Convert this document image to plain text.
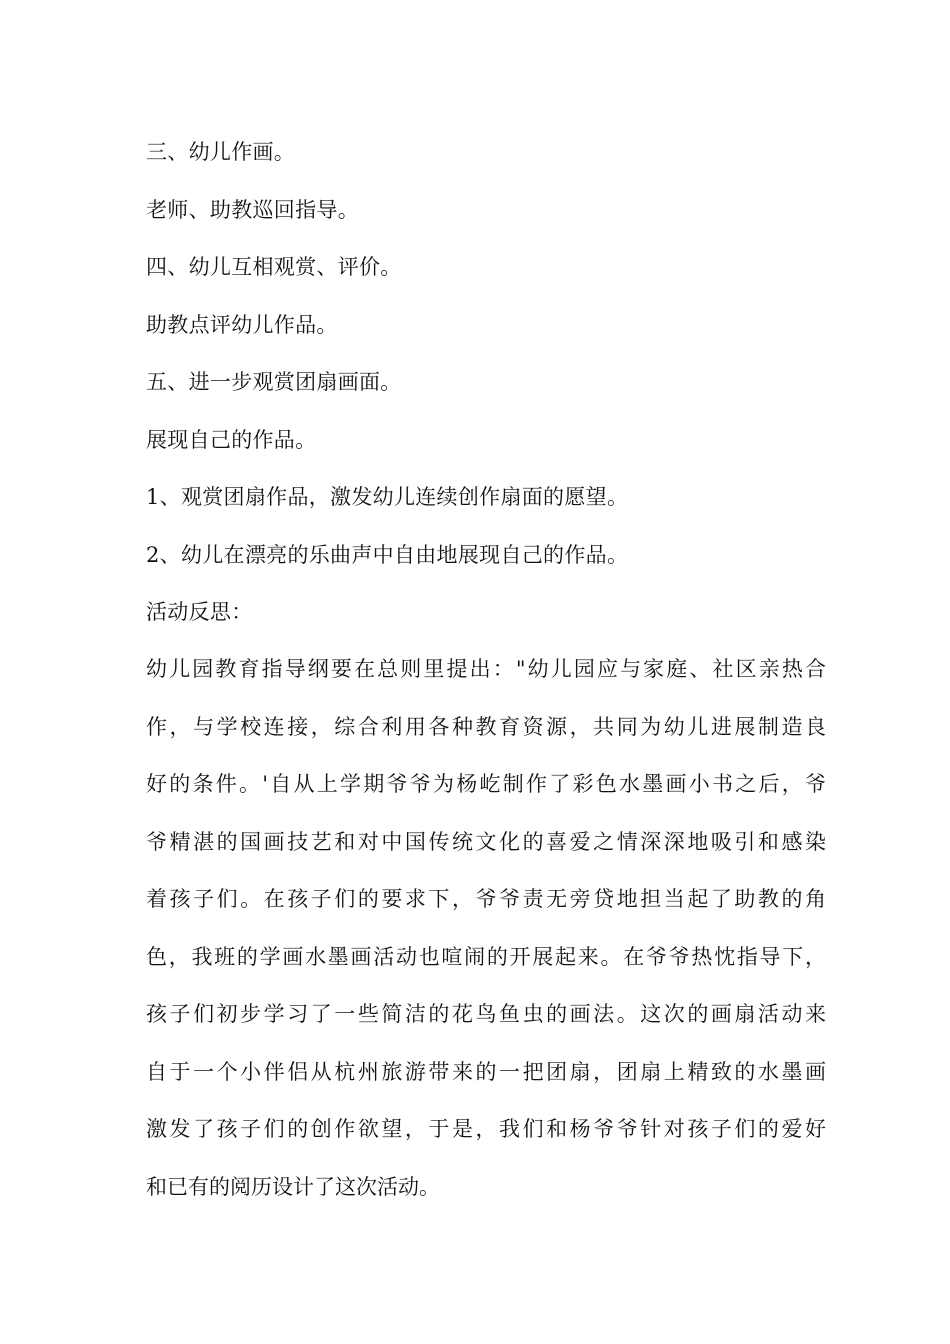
三、幼儿作画。
老师、助教巡回指导。
四、幼儿互相观赏、评价。
助教点评幼儿作品。
五、进一步观赏团扇画面。
展现自己的作品。
1、观赏团扇作品，激发幼儿连续创作扇面的愿望。
2、幼儿在漂亮的乐曲声中自由地展现自己的作品。
活动反思：
幼儿园教育指导纲要在总则里提出："幼儿园应与家庭、社区亲热合
作，与学校连接，综合利用各种教育资源，共同为幼儿进展制造良
好的条件。'自从上学期爷爷为杨屹制作了彩色水墨画小书之后，爷
爷精湛的国画技艺和对中国传统文化的喜爱之情深深地吸引和感染
着孩子们。在孩子们的要求下，爷爷责无旁贷地担当起了助教的角
色，我班的学画水墨画活动也喧闹的开展起来。在爷爷热忱指导下，
孩子们初步学习了一些简洁的花鸟鱼虫的画法。这次的画扇活动来
自于一个小伴侣从杭州旅游带来的一把团扇，团扇上精致的水墨画
激发了孩子们的创作欲望，于是，我们和杨爷爷针对孩子们的爱好
和已有的阅历设计了这次活动。
